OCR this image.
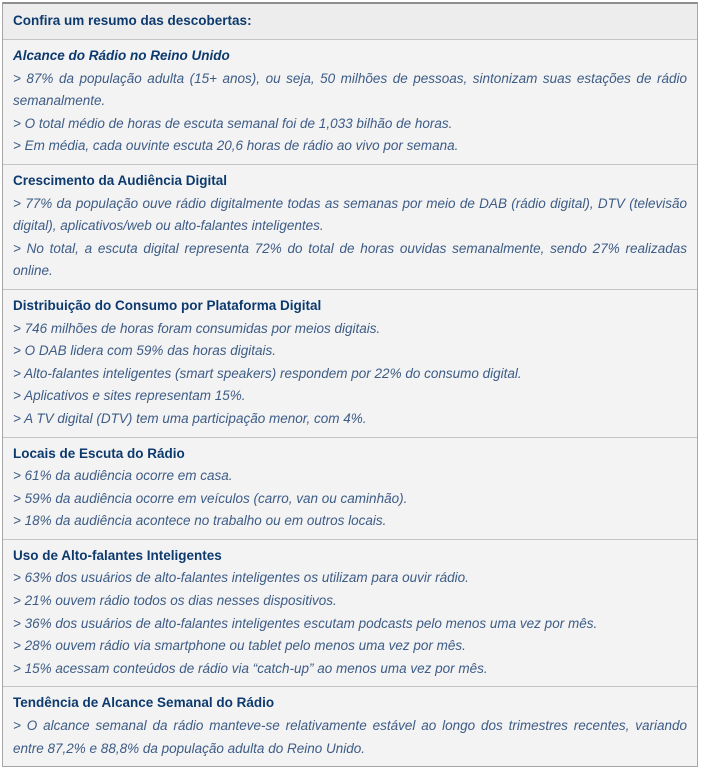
Confira um resumo das descobertas:
Alcance do Rádio no Reino Unido

> 87% da população adulta (15+ anos), ou seja, 50 milhões de pessoas, sintonizam suas estações de rádio semanalmente.

> O total médio de horas de escuta semanal foi de 1,033 bilhão de horas.

> Em média, cada ouvinte escuta 20,6 horas de rádio ao vivo por semana.

Crescimento da Audiência Digital

> 77% da população ouve rádio digitalmente todas as semanas por meio de DAB (rádio digital), DTV (televisão digital), aplicativos/web ou alto-falantes inteligentes.

> No total, a escuta digital representa 72% do total de horas ouvidas semanalmente, sendo 27% realizadas online.

Distribuição do Consumo por Plataforma Digital

> 746 milhões de horas foram consumidas por meios digitais.

> O DAB lidera com 59% das horas digitais.

> Alto-falantes inteligentes (smart speakers) respondem por 22% do consumo digital.

> Aplicativos e sites representam 15%.

> A TV digital (DTV) tem uma participação menor, com 4%.

Locais de Escuta do Rádio

> 61% da audiência ocorre em casa.

> 59% da audiência ocorre em veículos (carro, van ou caminhão).

> 18% da audiência acontece no trabalho ou em outros locais.

Uso de Alto-falantes Inteligentes

> 63% dos usuários de alto-falantes inteligentes os utilizam para ouvir rádio.

> 21% ouvem rádio todos os dias nesses dispositivos.

> 36% dos usuários de alto-falantes inteligentes escutam podcasts pelo menos uma vez por mês.

> 28% ouvem rádio via smartphone ou tablet pelo menos uma vez por mês.

> 15% acessam conteúdos de rádio via “catch-up” ao menos uma vez por mês.

Tendência de Alcance Semanal do Rádio

> O alcance semanal da rádio manteve-se relativamente estável ao longo dos trimestres recentes, variando entre 87,2% e 88,8% da população adulta do Reino Unido.
